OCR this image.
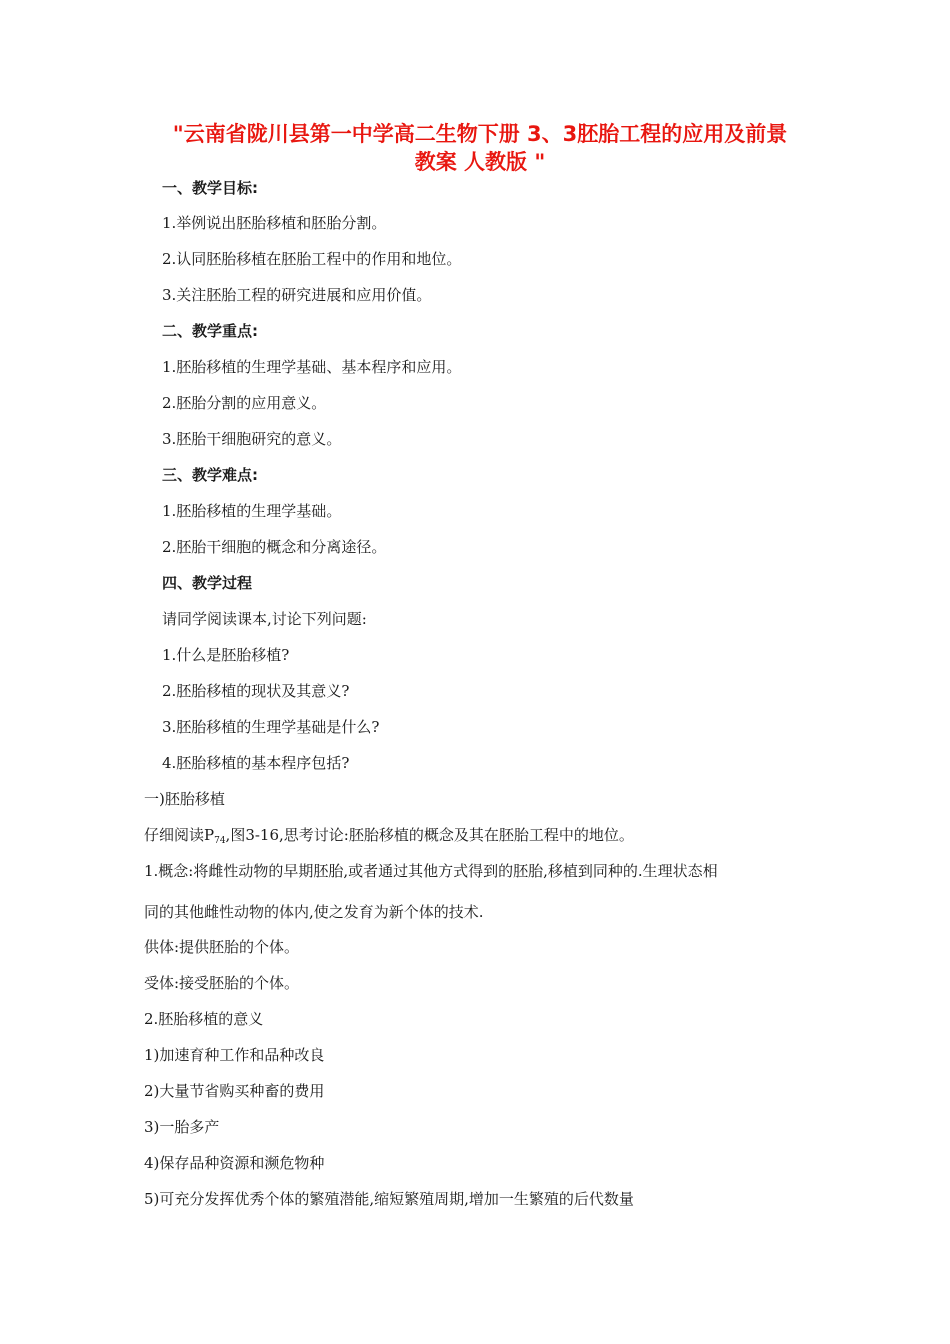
"云南省陇川县第一中学高二生物下册 3、3胚胎工程的应用及前景
教案 人教版 "
一、教学目标:
1.举例说出胚胎移植和胚胎分割。
2.认同胚胎移植在胚胎工程中的作用和地位。
3.关注胚胎工程的研究进展和应用价值。
二、教学重点:
1.胚胎移植的生理学基础、基本程序和应用。
2.胚胎分割的应用意义。
3.胚胎干细胞研究的意义。
三、教学难点:
1.胚胎移植的生理学基础。
2.胚胎干细胞的概念和分离途径。
四、教学过程
请同学阅读课本,讨论下列问题:
1.什么是胚胎移植?
2.胚胎移植的现状及其意义?
3.胚胎移植的生理学基础是什么?
4.胚胎移植的基本程序包括?
一)胚胎移植
仔细阅读$P_{74}$,图3-16,思考讨论:胚胎移植的概念及其在胚胎工程中的地位。
1.概念:将雌性动物的早期胚胎,或者通过其他方式得到的胚胎,移植到同种的.生理状态相
同的其他雌性动物的体内,使之发育为新个体的技术.
供体:提供胚胎的个体。
受体:接受胚胎的个体。
2.胚胎移植的意义
1)加速育种工作和品种改良
2)大量节省购买种畜的费用
3)一胎多产
4)保存品种资源和濒危物种
5)可充分发挥优秀个体的繁殖潜能,缩短繁殖周期,增加一生繁殖的后代数量
